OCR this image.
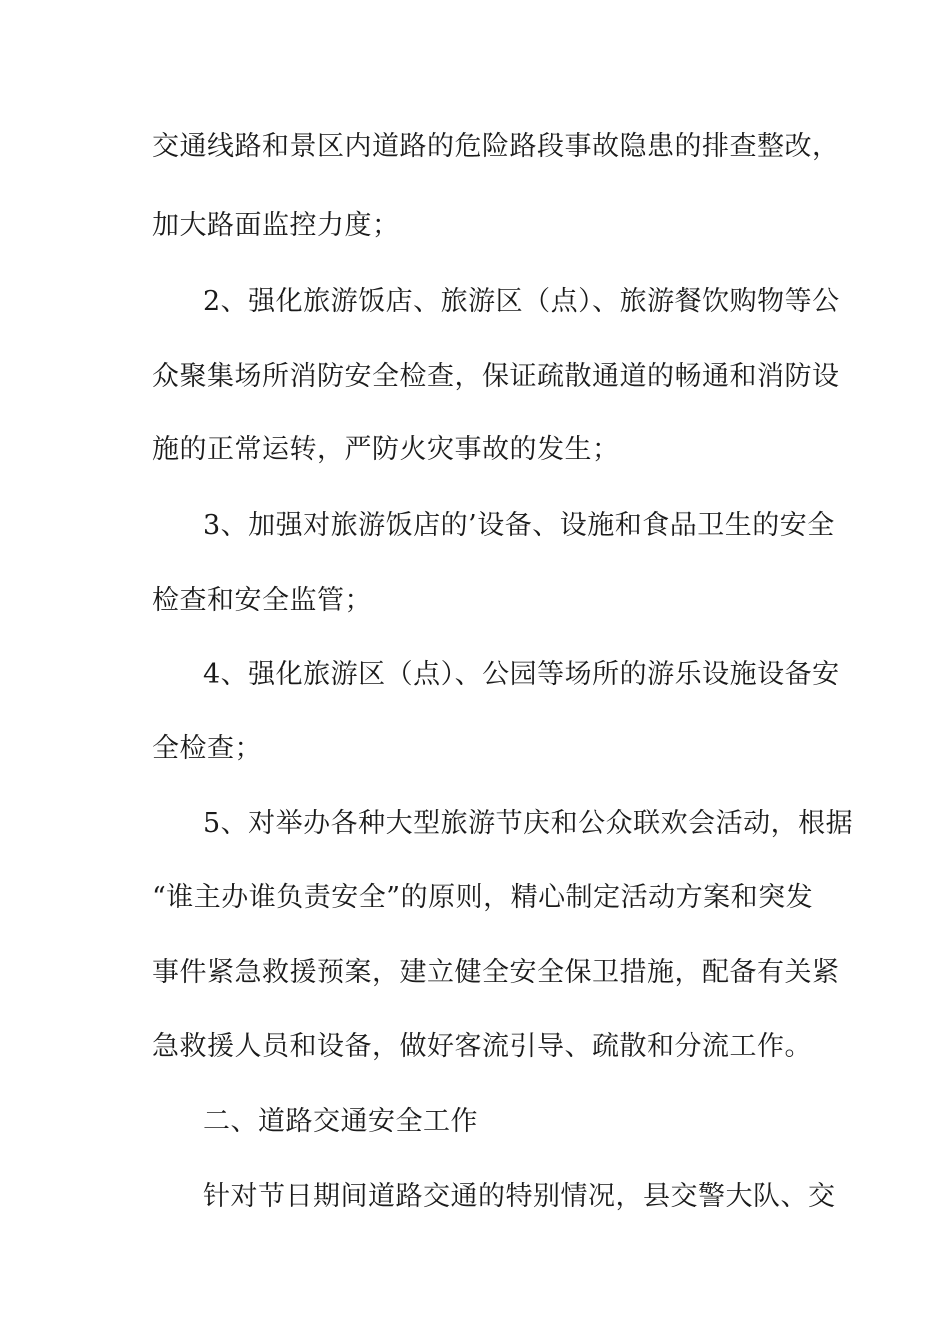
交通线路和景区内道路的危险路段事故隐患的排查整改，
加大路面监控力度；
2、强化旅游饭店、旅游区（点）、旅游餐饮购物等公
众聚集场所消防安全检查，保证疏散通道的畅通和消防设
施的正常运转，严防火灾事故的发生；
3、加强对旅游饭店的’设备、设施和食品卫生的安全
检查和安全监管；
4、强化旅游区（点）、公园等场所的游乐设施设备安
全检查；
5、对举办各种大型旅游节庆和公众联欢会活动，根据
“谁主办谁负责安全”的原则，精心制定活动方案和突发
事件紧急救援预案，建立健全安全保卫措施，配备有关紧
急救援人员和设备，做好客流引导、疏散和分流工作。
二、道路交通安全工作
针对节日期间道路交通的特别情况，县交警大队、交
